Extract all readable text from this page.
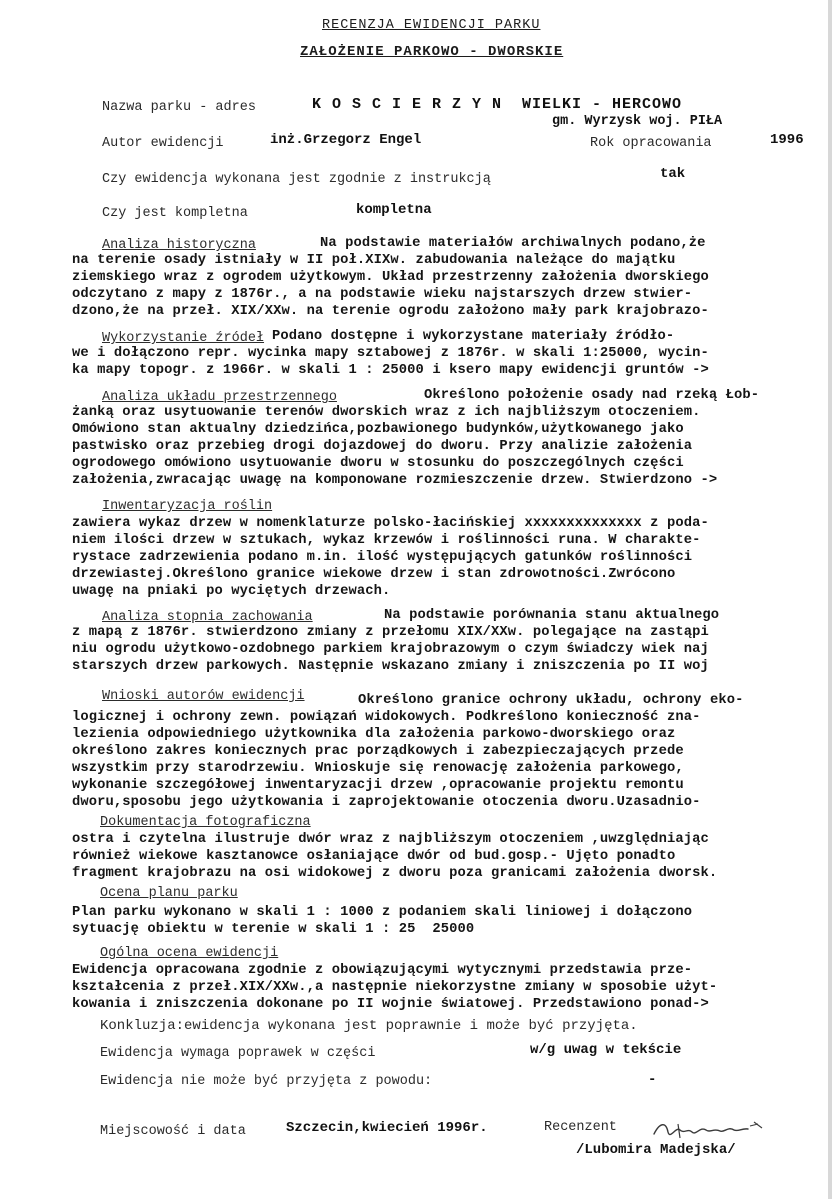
RECENZJA EWIDENCJI PARKU
ZAŁOŻENIE PARKOWO - DWORSKIE
Nazwa parku - adres	K O S C I E R Z Y N  WIELKI - HERCOWO
gm. Wyrzysk woj. PIŁA
Autor ewidencji	inż.Grzegorz Engel	Rok opracowania	1996
Czy ewidencja wykonana jest zgodnie z instrukcją	tak
Czy jest kompletna	kompletna
Analiza historyczna	Na podstawie materiałów archiwalnych podano,że
na terenie osady istniały w II poł.XIXw. zabudowania należące do majątku
ziemskiego wraz z ogrodem użytkowym. Układ przestrzenny założenia dworskiego
odczytano z mapy z 1876r., a na podstawie wieku najstarszych drzew stwier-
dzono,że na przeł. XIX/XXw. na terenie ogrodu założono mały park krajobrazo-
Wykorzystanie źródeł Podano dostępne i wykorzystane materiały źródło-
we i dołączono repr. wycinka mapy sztabowej z 1876r. w skali 1:25000, wycin-
ka mapy topogr. z 1966r. w skali 1 : 25000 i ksero mapy ewidencji gruntów ->
Analiza układu przestrzennego	Określono położenie osady nad rzeką Łob-
żanką oraz usytuowanie terenów dworskich wraz z ich najbliższym otoczeniem.
Omówiono stan aktualny dziedzińca,pozbawionego budynków,użytkowanego jako
pastwisko oraz przebieg drogi dojazdowej do dworu. Przy analizie założenia
ogrodowego omówiono usytuowanie dworu w stosunku do poszczególnych części
założenia,zwracając uwagę na komponowane rozmieszczenie drzew. Stwierdzono ->
Inwentaryzacja roślin
zawiera wykaz drzew w nomenklaturze polsko-łacińskiej xxxxxxxxxxxxxx z poda-
niem ilości drzew w sztukach, wykaz krzewów i roślinności runa. W charakte-
rystace zadrzewienia podano m.in. ilość występujących gatunków roślinności
drzewiastej.Określono granice wiekowe drzew i stan zdrowotności.Zwrócono
uwagę na pniaki po wyciętych drzewach.
Analiza stopnia zachowania	Na podstawie porównania stanu aktualnego
z mapą z 1876r. stwierdzono zmiany z przełomu XIX/XXw. polegające na zastąpi
niu ogrodu użytkowo-ozdobnego parkiem krajobrazowym o czym świadczy wiek naj
starszych drzew parkowych. Następnie wskazano zmiany i zniszczenia po II woj
Wnioski autorów ewidencji	Określono granice ochrony układu, ochrony eko-
logicznej i ochrony zewn. powiązań widokowych. Podkreślono konieczność zna-
lezienia odpowiedniego użytkownika dla założenia parkowo-dworskiego oraz
określono zakres koniecznych prac porządkowych i zabezpieczających przede
wszystkim przy starodrzewiu. Wnioskuje się renowację założenia parkowego,
wykonanie szczegółowej inwentaryzacji drzew ,opracowanie projektu remontu
dworu,sposobu jego użytkowania i zaprojektowanie otoczenia dworu.Uzasadnio-
Dokumentacja fotograficzna
ostra i czytelna ilustruje dwór wraz z najbliższym otoczeniem ,uwzględniając
również wiekowe kasztanowce osłaniające dwór od bud.gosp.- Ujęto ponadto
fragment krajobrazu na osi widokowej z dworu poza granicami założenia dworsk.
Ocena planu parku
Plan parku wykonano w skali 1 : 1000 z podaniem skali liniowej i dołączono
sytuację obiektu w terenie w skali 1 : 25  25000
Ogólna ocena ewidencji
Ewidencja opracowana zgodnie z obowiązującymi wytycznymi przedstawia prze-
kształcenia z przeł.XIX/XXw.,a następnie niekorzystne zmiany w sposobie użyt-
kowania i zniszczenia dokonane po II wojnie światowej. Przedstawiono ponad->
Konkluzja:ewidencja wykonana jest poprawnie i może być przyjęta.
Ewidencja wymaga poprawek w części	w/g uwag w tekście
Ewidencja nie może być przyjęta z powodu:	-
Miejscowość i data	Szczecin,kwiecień 1996r.	Recenzent
/Lubomira Madejska/
